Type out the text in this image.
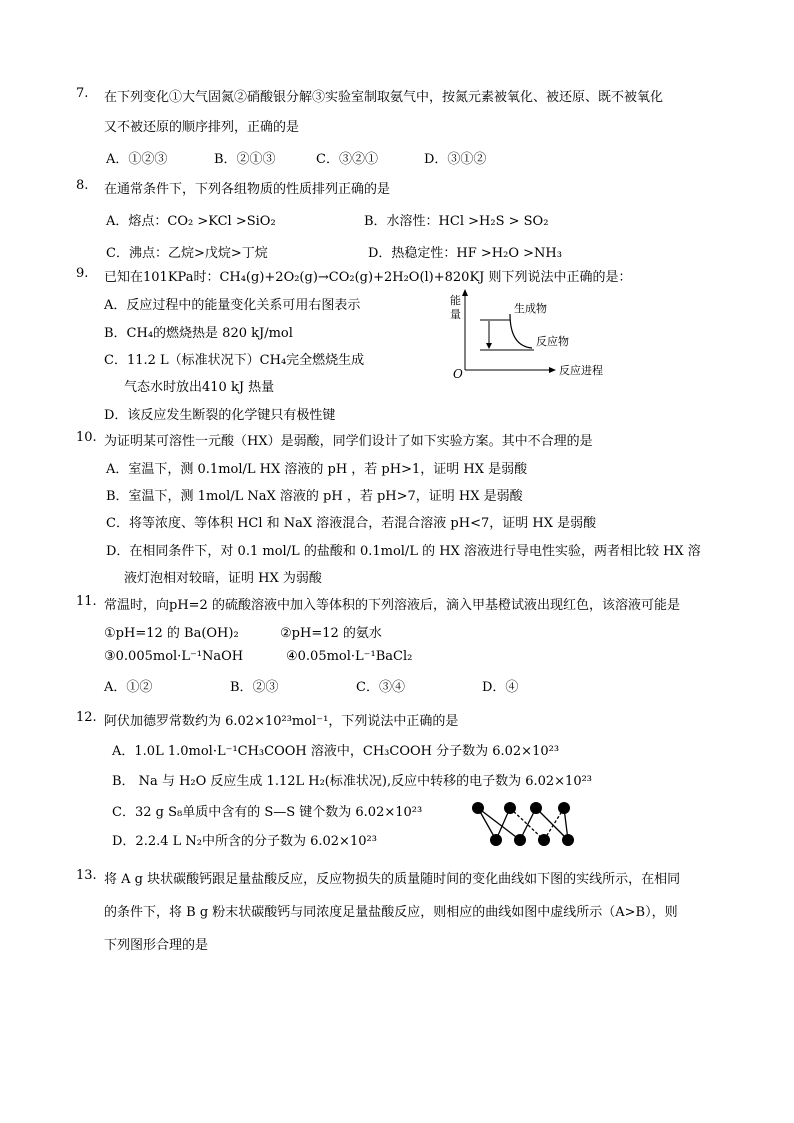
7. 在下列变化①大气固氮②硝酸银分解③实验室制取氨气中，按氮元素被氧化、被还原、既不被氧化
又不被还原的顺序排列，正确的是
A．①②③	B．②①③	C．③②①	D．③①②
8. 在通常条件下，下列各组物质的性质排列正确的是
A．熔点：CO₂ >KCl >SiO₂	B．水溶性：HCl >H₂S > SO₂
C．沸点：乙烷>戊烷>丁烷	D．热稳定性：HF >H₂O >NH₃
9. 已知在101KPa时：CH₄(g)+2O₂(g)→CO₂(g)+2H₂O(l)+820KJ 则下列说法中正确的是：
A．反应过程中的能量变化关系可用右图表示
B．CH₄的燃烧热是 820 kJ/mol
C．11.2 L（标准状况下）CH₄完全燃烧生成
气态水时放出410 kJ 热量
D．该反应发生断裂的化学键只有极性键
能
量
O
生成物
反应物
反应进程
10. 为证明某可溶性一元酸（HX）是弱酸，同学们设计了如下实验方案。其中不合理的是
A．室温下，测 0.1mol/L HX 溶液的 pH ，若 pH>1，证明 HX 是弱酸
B．室温下，测 1mol/L NaX 溶液的 pH ，若 pH>7，证明 HX 是弱酸
C．将等浓度、等体积 HCl 和 NaX 溶液混合，若混合溶液 pH<7，证明 HX 是弱酸
D．在相同条件下，对 0.1 mol/L 的盐酸和 0.1mol/L 的 HX 溶液进行导电性实验，两者相比较 HX 溶
液灯泡相对较暗，证明 HX 为弱酸
11. 常温时，向pH=2 的硫酸溶液中加入等体积的下列溶液后，滴入甲基橙试液出现红色，该溶液可能是
①pH=12 的 Ba(OH)₂	②pH=12 的氨水
③0.005mol·L⁻¹NaOH	④0.05mol·L⁻¹BaCl₂
A．①②	B．②③	C．③④	D．④
12. 阿伏加德罗常数约为 6.02×10²³mol⁻¹，下列说法中正确的是
A．1.0L 1.0mol·L⁻¹CH₃COOH 溶液中，CH₃COOH 分子数为 6.02×10²³
B． Na 与 H₂O 反应生成 1.12L H₂(标准状况),反应中转移的电子数为 6.02×10²³
C．32 g S₈单质中含有的 S—S 键个数为 6.02×10²³
D．2.2.4 L N₂中所含的分子数为 6.02×10²³
13. 将 A g 块状碳酸钙跟足量盐酸反应，反应物损失的质量随时间的变化曲线如下图的实线所示，在相同
的条件下，将 B g 粉末状碳酸钙与同浓度足量盐酸反应，则相应的曲线如图中虚线所示（A>B），则
下列图形合理的是
